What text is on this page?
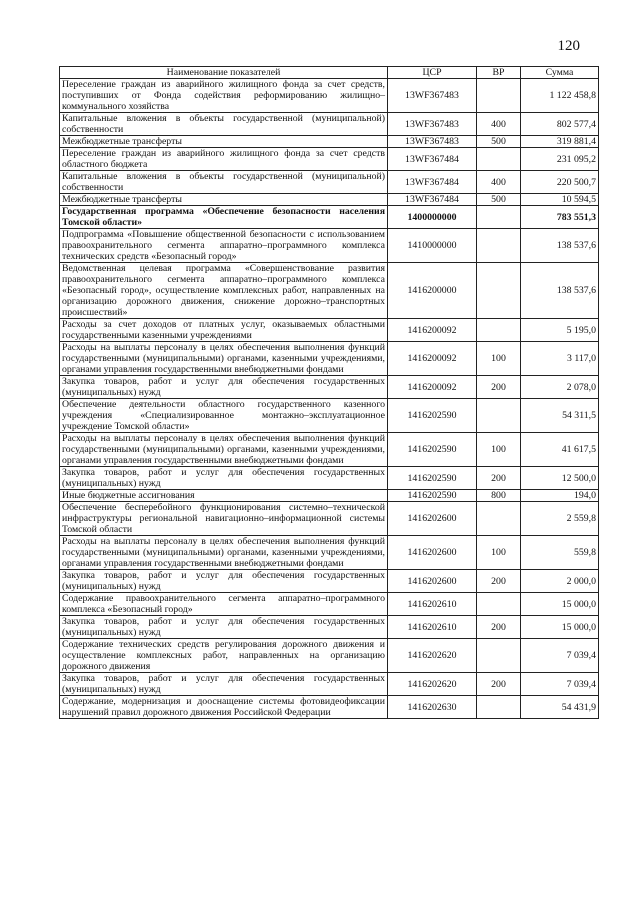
120
Наименование показателей	ЦСР	ВР	Сумма
Переселение граждан из аварийного жилищного фонда за счет средств, поступивших от Фонда содействия реформированию жилищно–коммунального хозяйства	13WF367483		1 122 458,8
Капитальные вложения в объекты государственной (муниципальной) собственности	13WF367483	400	802 577,4
Межбюджетные трансферты	13WF367483	500	319 881,4
Переселение граждан из аварийного жилищного фонда за счет средств областного бюджета	13WF367484		231 095,2
Капитальные вложения в объекты государственной (муниципальной) собственности	13WF367484	400	220 500,7
Межбюджетные трансферты	13WF367484	500	10 594,5
Государственная программа «Обеспечение безопасности населения Томской области»	1400000000		783 551,3
Подпрограмма «Повышение общественной безопасности с использованием правоохранительного сегмента аппаратно–программного комплекса технических средств «Безопасный город»	1410000000		138 537,6
Ведомственная целевая программа «Совершенствование развития правоохранительного сегмента аппаратно–программного комплекса «Безопасный город», осуществление комплексных работ, направленных на организацию дорожного движения, снижение дорожно–транспортных происшествий»	1416200000		138 537,6
Расходы за счет доходов от платных услуг, оказываемых областными государственными казенными учреждениями	1416200092		5 195,0
Расходы на выплаты персоналу в целях обеспечения выполнения функций государственными (муниципальными) органами, казенными учреждениями, органами управления государственными внебюджетными фондами	1416200092	100	3 117,0
Закупка товаров, работ и услуг для обеспечения государственных (муниципальных) нужд	1416200092	200	2 078,0
Обеспечение деятельности областного государственного казенного учреждения «Специализированное монтажно–эксплуатационное учреждение Томской области»	1416202590		54 311,5
Расходы на выплаты персоналу в целях обеспечения выполнения функций государственными (муниципальными) органами, казенными учреждениями, органами управления государственными внебюджетными фондами	1416202590	100	41 617,5
Закупка товаров, работ и услуг для обеспечения государственных (муниципальных) нужд	1416202590	200	12 500,0
Иные бюджетные ассигнования	1416202590	800	194,0
Обеспечение бесперебойного функционирования системно–технической инфраструктуры региональной навигационно–информационной системы Томской области	1416202600		2 559,8
Расходы на выплаты персоналу в целях обеспечения выполнения функций государственными (муниципальными) органами, казенными учреждениями, органами управления государственными внебюджетными фондами	1416202600	100	559,8
Закупка товаров, работ и услуг для обеспечения государственных (муниципальных) нужд	1416202600	200	2 000,0
Содержание правоохранительного сегмента аппаратно–программного комплекса «Безопасный город»	1416202610		15 000,0
Закупка товаров, работ и услуг для обеспечения государственных (муниципальных) нужд	1416202610	200	15 000,0
Содержание технических средств регулирования дорожного движения и осуществление комплексных работ, направленных на организацию дорожного движения	1416202620		7 039,4
Закупка товаров, работ и услуг для обеспечения государственных (муниципальных) нужд	1416202620	200	7 039,4
Содержание, модернизация и дооснащение системы фотовидеофиксации нарушений правил дорожного движения Российской Федерации	1416202630		54 431,9
